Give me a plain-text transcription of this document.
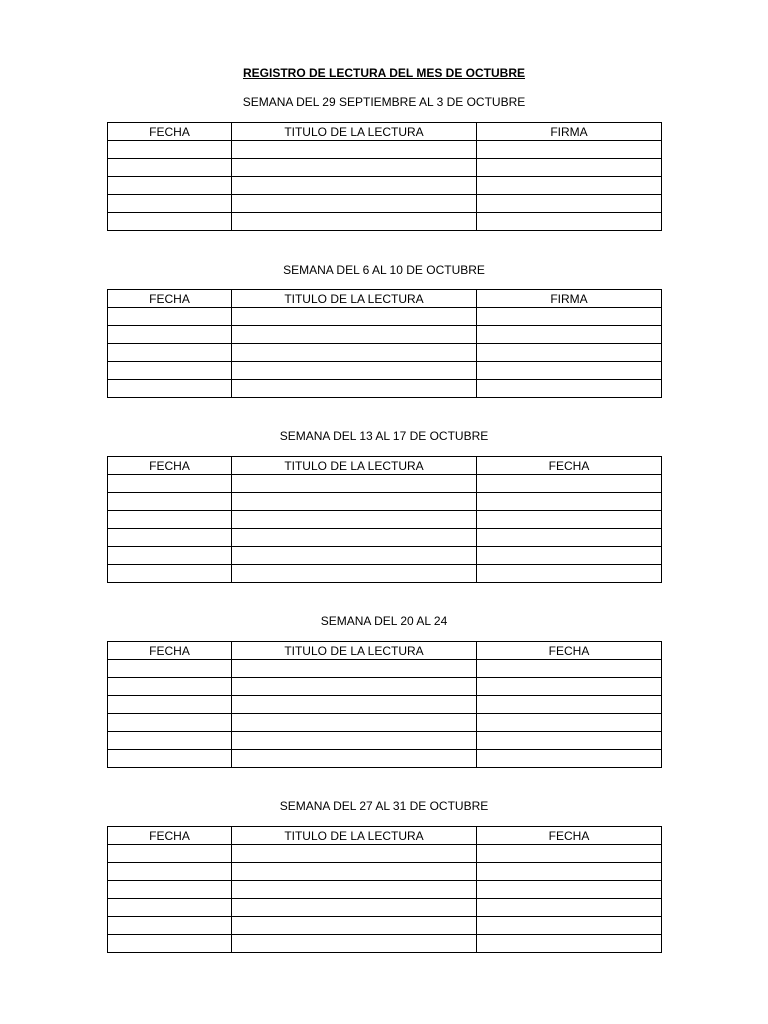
REGISTRO DE LECTURA DEL MES DE OCTUBRE
SEMANA DEL 29 SEPTIEMBRE AL 3 DE OCTUBRE
FECHA	TITULO DE LA LECTURA	FIRMA

SEMANA DEL 6 AL 10 DE OCTUBRE
FECHA	TITULO DE LA LECTURA	FIRMA

SEMANA DEL 13 AL 17 DE OCTUBRE
FECHA	TITULO DE LA LECTURA	FECHA

SEMANA DEL 20 AL 24
FECHA	TITULO DE LA LECTURA	FECHA

SEMANA DEL 27 AL 31 DE OCTUBRE
FECHA	TITULO DE LA LECTURA	FECHA
